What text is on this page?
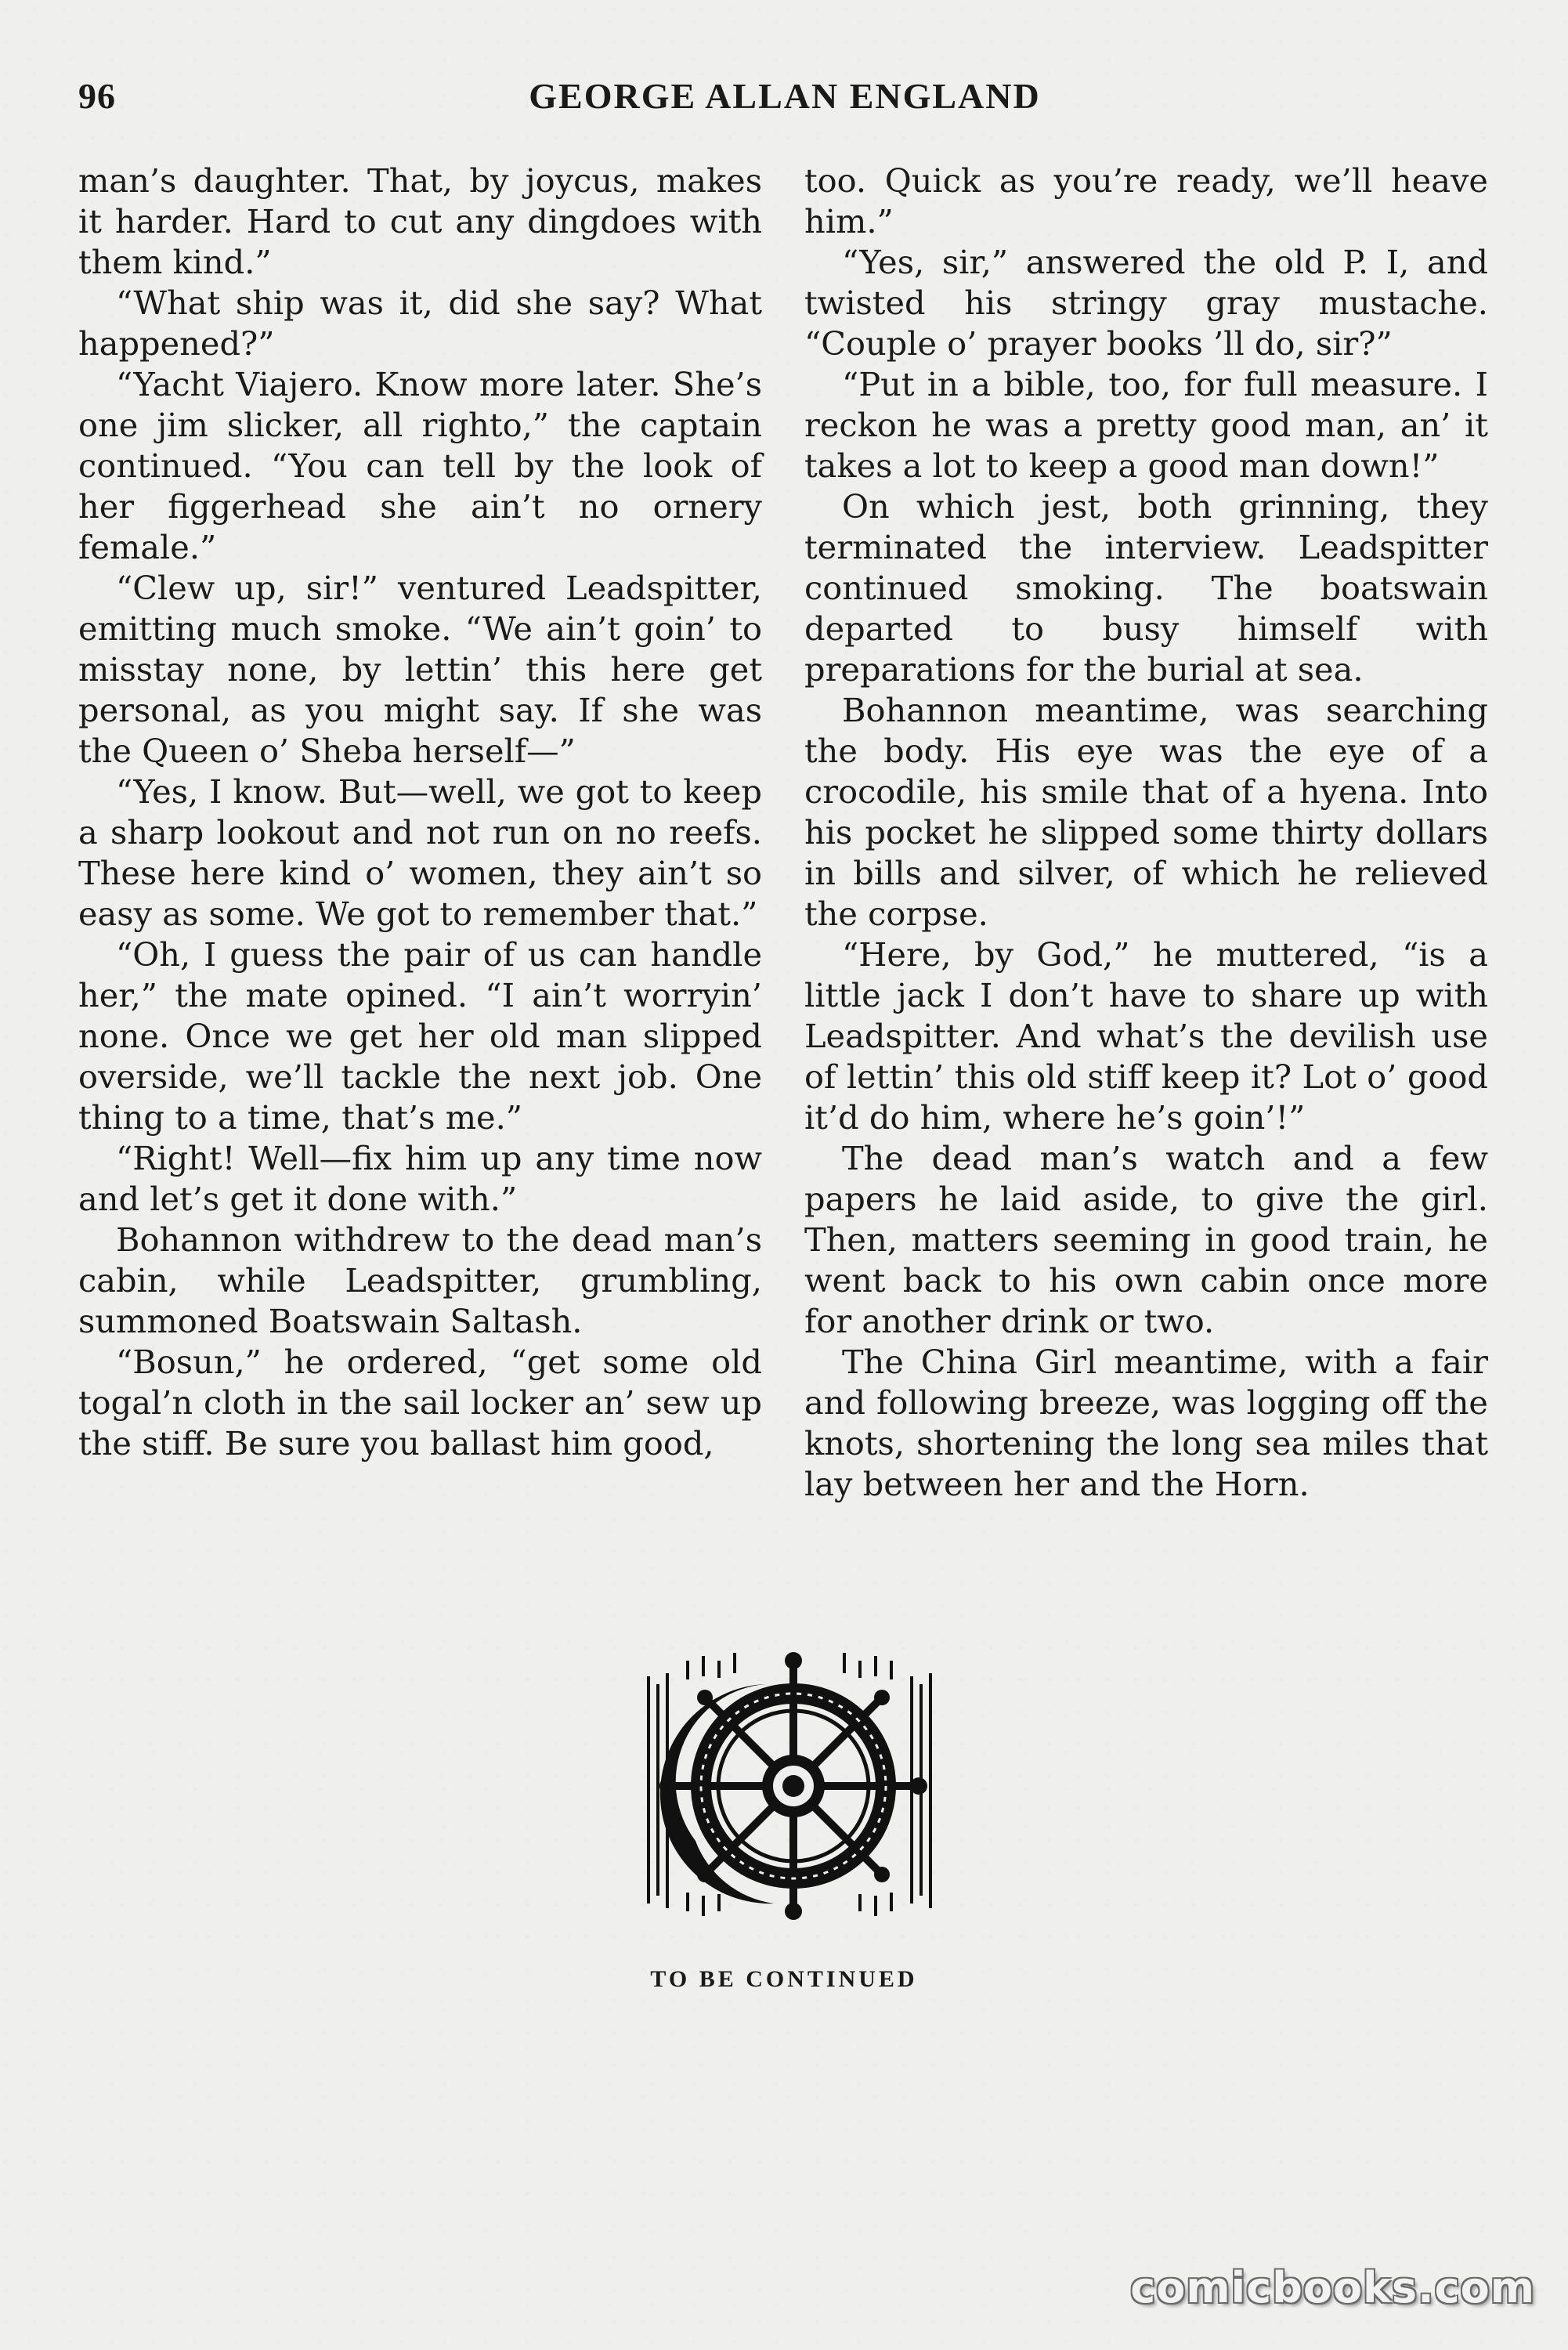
96	GEORGE ALLAN ENGLAND

man’s daughter. That, by joycus, makes it harder. Hard to cut any dingdoes with them kind.”

“What ship was it, did she say? What happened?”

“Yacht Viajero. Know more later. She’s one jim slicker, all righto,” the captain continued. “You can tell by the look of her figgerhead she ain’t no ornery female.”

“Clew up, sir!” ventured Leadspitter, emitting much smoke. “We ain’t goin’ to misstay none, by lettin’ this here get personal, as you might say. If she was the Queen o’ Sheba herself—”

“Yes, I know. But—well, we got to keep a sharp lookout and not run on no reefs. These here kind o’ women, they ain’t so easy as some. We got to remember that.”

“Oh, I guess the pair of us can handle her,” the mate opined. “I ain’t worryin’ none. Once we get her old man slipped overside, we’ll tackle the next job. One thing to a time, that’s me.”

“Right! Well—fix him up any time now and let’s get it done with.”

Bohannon withdrew to the dead man’s cabin, while Leadspitter, grumbling, summoned Boatswain Saltash.

“Bosun,” he ordered, “get some old togal’n cloth in the sail locker an’ sew up the stiff. Be sure you ballast him good,

too. Quick as you’re ready, we’ll heave him.”

“Yes, sir,” answered the old P. I, and twisted his stringy gray mustache. “Couple o’ prayer books ’ll do, sir?”

“Put in a bible, too, for full measure. I reckon he was a pretty good man, an’ it takes a lot to keep a good man down!”

On which jest, both grinning, they terminated the interview. Leadspitter continued smoking. The boatswain departed to busy himself with preparations for the burial at sea.

Bohannon meantime, was searching the body. His eye was the eye of a crocodile, his smile that of a hyena. Into his pocket he slipped some thirty dollars in bills and silver, of which he relieved the corpse.

“Here, by God,” he muttered, “is a little jack I don’t have to share up with Leadspitter. And what’s the devilish use of lettin’ this old stiff keep it? Lot o’ good it’d do him, where he’s goin’!”

The dead man’s watch and a few papers he laid aside, to give the girl. Then, matters seeming in good train, he went back to his own cabin once more for another drink or two.

The China Girl meantime, with a fair and following breeze, was logging off the knots, shortening the long sea miles that lay between her and the Horn.

TO BE CONTINUED
comicbooks.com
